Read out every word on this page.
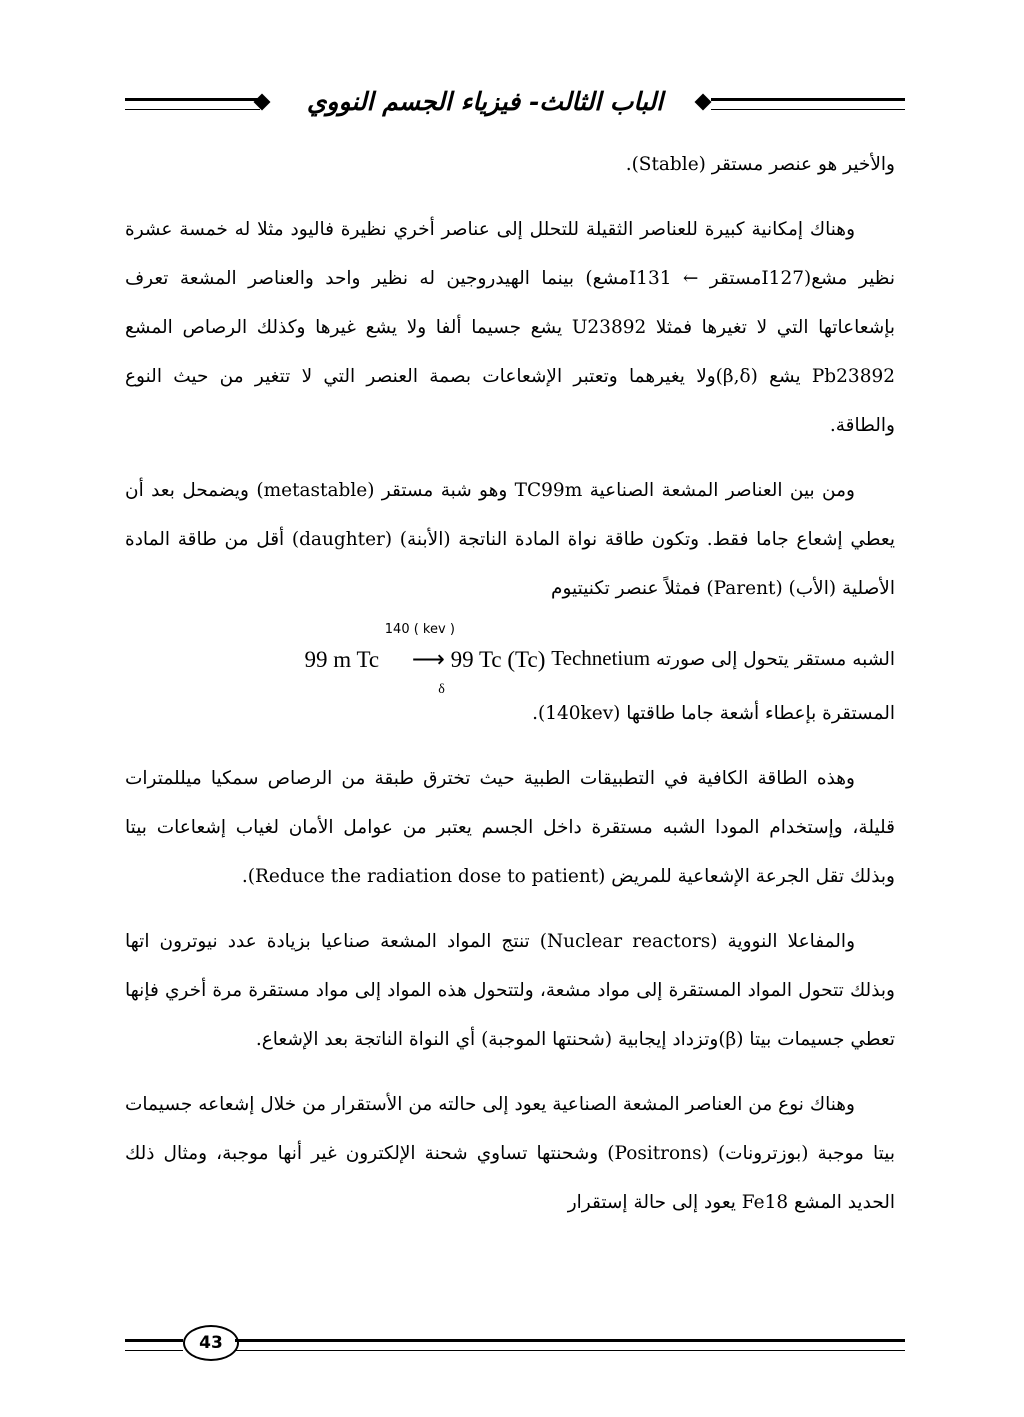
الباب الثالث- فيزياء الجسم النووي

والأخير هو عنصر مستقر (Stable).

وهناك إمكانية كبيرة للعناصر الثقيلة للتحلل إلى عناصر أخري نظيرة فاليود مثلا له خمسة عشرة نظير مشع(I127مستقر ← I131مشع) بينما الهيدروجين له نظير واحد والعناصر المشعة تعرف بإشعاعاتها التي لا تغيرها فمثلا U23892 يشع جسيما ألفا ولا يشع غيرها وكذلك الرصاص المشع Pb23892 يشع (β,δ)ولا يغيرهما وتعتبر الإشعاعات بصمة العنصر التي لا تتغير من حيث النوع والطاقة.

ومن بين العناصر المشعة الصناعية TC99m وهو شبة مستقر (metastable) ويضمحل بعد أن يعطي إشعاع جاما فقط. وتكون طاقة نواة المادة الناتجة (الأبنة) (daughter) أقل من طاقة المادة الأصلية (الأب) (Parent) فمثلاً عنصر تكنيتيوم

الشبه مستقر يتحول إلى صورته Technetium 99 m Tc ⟶
140 ( kev )
δ
99 Tc (Tc)

المستقرة بإعطاء أشعة جاما طاقتها (140kev).

وهذه الطاقة الكافية في التطبيقات الطبية حيث تخترق طبقة من الرصاص سمكيا ميللمترات قليلة، وإستخدام المودا الشبه مستقرة داخل الجسم يعتبر من عوامل الأمان لغياب إشعاعات بيتا وبذلك تقل الجرعة الإشعاعية للمريض (Reduce the radiation dose to patient).

والمفاعلا النووية (Nuclear reactors) تنتج المواد المشعة صناعيا بزيادة عدد نيوترون اتها وبذلك تتحول المواد المستقرة إلى مواد مشعة، ولتتحول هذه المواد إلى مواد مستقرة مرة أخري فإنها تعطي جسيمات بيتا (β)وتزداد إيجابية (شحنتها الموجبة) أي النواة الناتجة بعد الإشعاع.

وهناك نوع من العناصر المشعة الصناعية يعود إلى حالته من الأستقرار من خلال إشعاعه جسيمات بيتا موجبة (بوزترونات) (Positrons) وشحنتها تساوي شحنة الإلكترون غير أنها موجبة، ومثال ذلك الحديد المشع Fe18 يعود إلى حالة إستقرار

43
